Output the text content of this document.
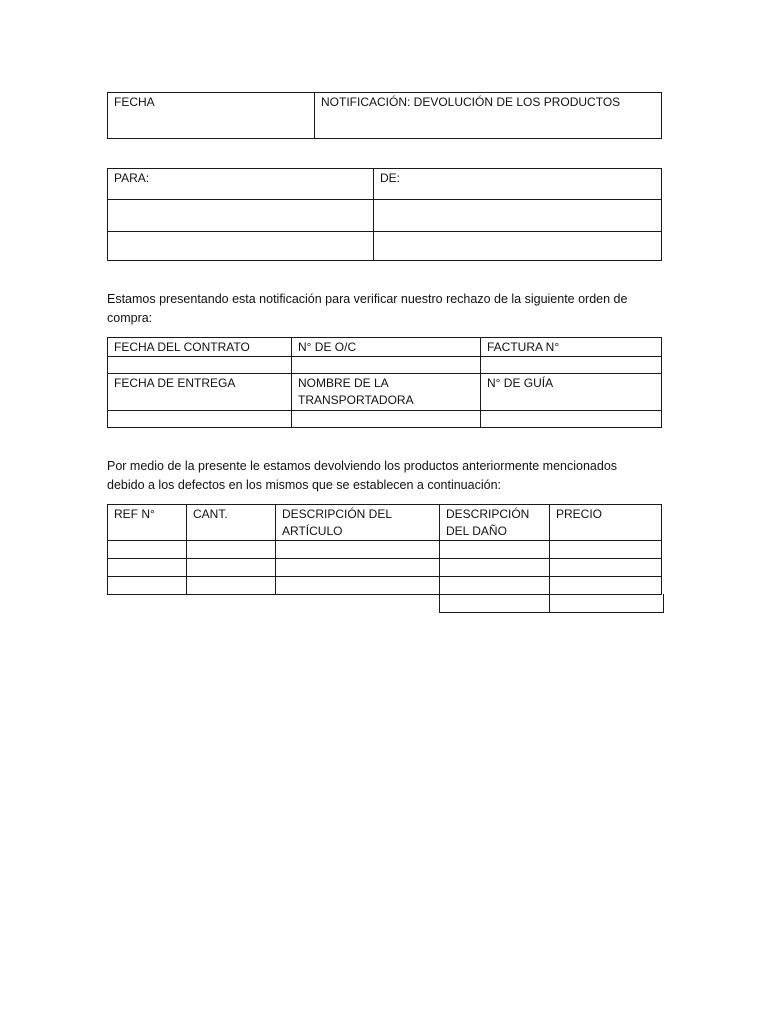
FECHA	NOTIFICACIÓN: DEVOLUCIÓN DE LOS PRODUCTOS
PARA:	DE:

Estamos presentando esta notificación para verificar nuestro rechazo de la siguiente orden de compra:
FECHA DEL CONTRATO	N° DE O/C	FACTURA N°

FECHA DE ENTREGA	NOMBRE DE LA TRANSPORTADORA	N° DE GUÍA

Por medio de la presente le estamos devolviendo los productos anteriormente mencionados debido a los defectos en los mismos que se establecen a continuación:
REF N°	CANT.	DESCRIPCIÓN DEL ARTÍCULO	DESCRIPCIÓN DEL DAÑO	PRECIO
